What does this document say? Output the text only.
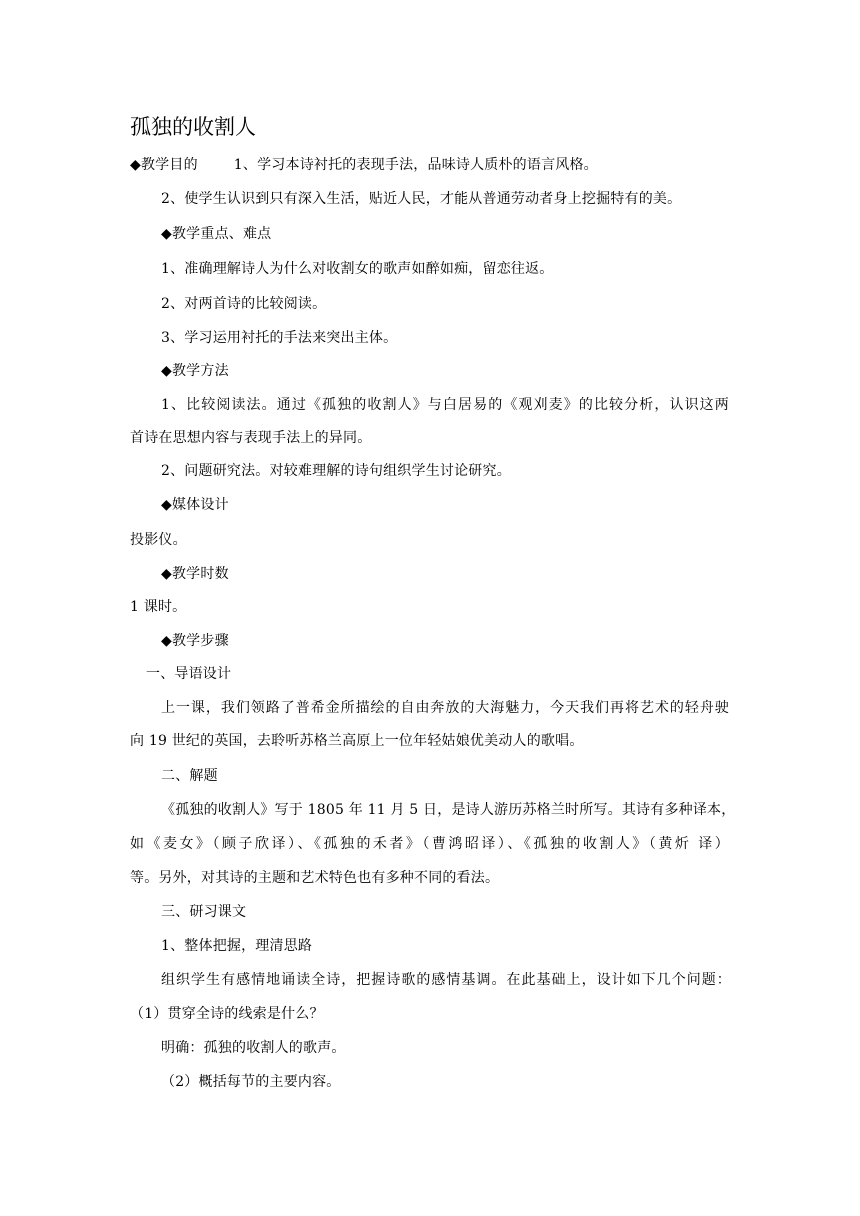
孤独的收割人
◆教学目的	1、学习本诗衬托的表现手法，品味诗人质朴的语言风格。
2、使学生认识到只有深入生活，贴近人民，才能从普通劳动者身上挖掘特有的美。
◆教学重点、难点
1、准确理解诗人为什么对收割女的歌声如醉如痴，留恋往返。
2、对两首诗的比较阅读。
3、学习运用衬托的手法来突出主体。
◆教学方法
1、比较阅读法。通过《孤独的收割人》与白居易的《观刈麦》的比较分析，认识这两
首诗在思想内容与表现手法上的异同。
2、问题研究法。对较难理解的诗句组织学生讨论研究。
◆媒体设计
投影仪。
◆教学时数
1 课时。
◆教学步骤
一、导语设计
上一课，我们领路了普希金所描绘的自由奔放的大海魅力，今天我们再将艺术的轻舟驶
向 19 世纪的英国，去聆听苏格兰高原上一位年轻姑娘优美动人的歌唱。
二、解题
《孤独的收割人》写于 1805 年 11 月 5 日，是诗人游历苏格兰时所写。其诗有多种译本，
如《麦女》（顾子欣译）、《孤独的禾者》（曹鸿昭译）、《孤独的收割人》（黄炘 译）
等。另外，对其诗的主题和艺术特色也有多种不同的看法。
三、研习课文
1、整体把握，理清思路
组织学生有感情地诵读全诗，把握诗歌的感情基调。在此基础上，设计如下几个问题：
（1）贯穿全诗的线索是什么？
明确：孤独的收割人的歌声。
（2）概括每节的主要内容。
